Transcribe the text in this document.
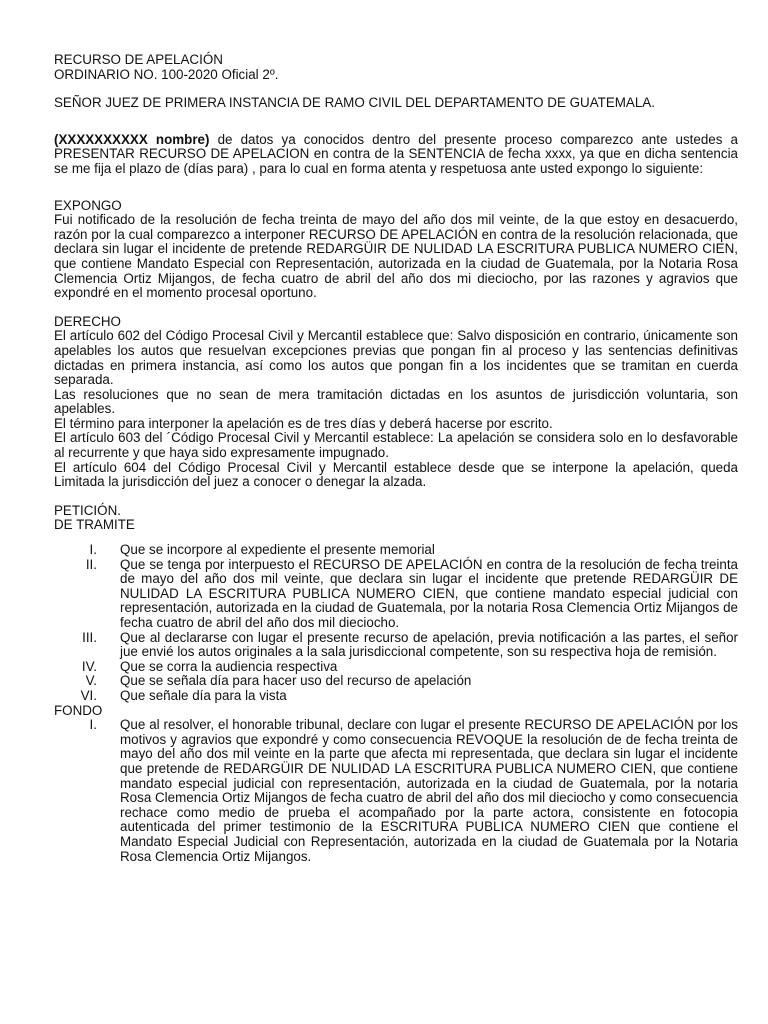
RECURSO DE APELACIÓN

ORDINARIO NO. 100-2020 Oficial 2º.

SEÑOR JUEZ DE PRIMERA INSTANCIA DE RAMO CIVIL DEL DEPARTAMENTO DE GUATEMALA.

(XXXXXXXXXX nombre) de datos ya conocidos dentro del presente proceso comparezco ante ustedes a PRESENTAR RECURSO DE APELACION en contra de la SENTENCIA de fecha xxxx, ya que en dicha sentencia se me fija el plazo de (días para) , para lo cual en forma atenta y respetuosa ante usted expongo lo siguiente:

EXPONGO

Fui notificado de la resolución de fecha treinta de mayo del año dos mil veinte, de la que estoy en desacuerdo, razón por la cual comparezco a interponer RECURSO DE APELACIÓN en contra de la resolución relacionada, que declara sin lugar el incidente de pretende REDARGÜIR DE NULIDAD LA ESCRITURA PUBLICA NUMERO CIEN, que contiene Mandato Especial con Representación, autorizada en la ciudad de Guatemala, por la Notaria Rosa Clemencia Ortiz Mijangos, de fecha cuatro de abril del año dos mi dieciocho, por las razones y agravios que expondré en el momento procesal oportuno.

DERECHO

El artículo 602 del Código Procesal Civil y Mercantil establece que: Salvo disposición en contrario, únicamente son apelables los autos que resuelvan excepciones previas que pongan fin al proceso y las sentencias definitivas dictadas en primera instancia, así como los autos que pongan fin a los incidentes que se tramitan en cuerda separada.

Las resoluciones que no sean de mera tramitación dictadas en los asuntos de jurisdicción voluntaria, son apelables.

El término para interponer la apelación es de tres días y deberá hacerse por escrito.

El artículo 603 del ´Código Procesal Civil y Mercantil establece: La apelación se considera solo en lo desfavorable al recurrente y que haya sido expresamente impugnado.

El artículo 604 del Código Procesal Civil y Mercantil establece desde que se interpone la apelación, queda Limitada la jurisdicción del juez a conocer o denegar la alzada.

PETICIÓN.

DE TRAMITE

I.	Que se incorpore al expediente el presente memorial
II.	Que se tenga por interpuesto el RECURSO DE APELACIÓN en contra de la resolución de fecha treinta de mayo del año dos mil veinte, que declara sin lugar el incidente que pretende REDARGÜIR DE NULIDAD LA ESCRITURA PUBLICA NUMERO CIEN, que contiene mandato especial judicial con representación, autorizada en la ciudad de Guatemala, por la notaria Rosa Clemencia Ortiz Mijangos de fecha cuatro de abril del año dos mil dieciocho.
III.	Que al declararse con lugar el presente recurso de apelación, previa notificación a las partes, el señor jue envié los autos originales a la sala jurisdiccional competente, son su respectiva hoja de remisión.
IV.	Que se corra la audiencia respectiva
V.	Que se señala día para hacer uso del recurso de apelación
VI.	Que señale día para la vista

FONDO

I.	Que al resolver, el honorable tribunal, declare con lugar el presente RECURSO DE APELACIÓN por los motivos y agravios que expondré y como consecuencia REVOQUE la resolución de de fecha treinta de mayo del año dos mil veinte en la parte que afecta mi representada, que declara sin lugar el incidente que pretende de REDARGÜIR DE NULIDAD LA ESCRITURA PUBLICA NUMERO CIEN, que contiene mandato especial judicial con representación, autorizada en la ciudad de Guatemala, por la notaria Rosa Clemencia Ortiz Mijangos de fecha cuatro de abril del año dos mil dieciocho y como consecuencia rechace como medio de prueba el acompañado por la parte actora, consistente en fotocopia autenticada del primer testimonio de la ESCRITURA PUBLICA NUMERO CIEN que contiene el Mandato Especial Judicial con Representación, autorizada en la ciudad de Guatemala por la Notaria Rosa Clemencia Ortiz Mijangos.
